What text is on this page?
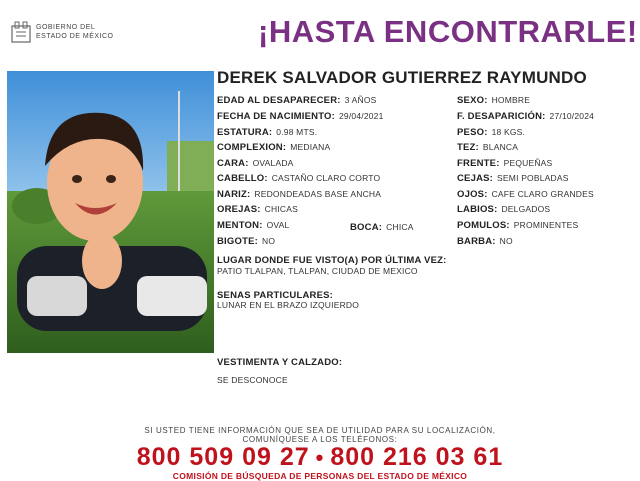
GOBIERNO DEL
ESTADO DE MÉXICO	¡HASTA ENCONTRARLE!
DEREK SALVADOR GUTIERREZ RAYMUNDO
EDAD AL DESAPARECER: 3 AÑOS
FECHA DE NACIMIENTO: 29/04/2021
ESTATURA: 0.98 MTS.
COMPLEXION: MEDIANA
CARA: OVALADA
CABELLO: CASTAÑO CLARO CORTO
NARIZ: REDONDEADAS BASE ANCHA
OREJAS: CHICAS
MENTON: OVAL	BOCA: CHICA
BIGOTE: NO
SEXO: HOMBRE
F. DESAPARICIÓN: 27/10/2024
PESO: 18 KGS.
TEZ: BLANCA
FRENTE: PEQUEÑAS
CEJAS: SEMI POBLADAS
OJOS: CAFE CLARO GRANDES
LABIOS: DELGADOS
POMULOS: PROMINENTES
BARBA: NO
LUGAR DONDE FUE VISTO(A) POR ÚLTIMA VEZ:
PATIO TLALPAN, TLALPAN, CIUDAD DE MEXICO
SENAS PARTICULARES:
LUNAR EN EL BRAZO IZQUIERDO
VESTIMENTA Y CALZADO:
SE DESCONOCE
SI USTED TIENE INFORMACIÓN QUE SEA DE UTILIDAD PARA SU LOCALIZACIÓN,
COMUNÍQUESE A LOS TELÉFONOS:
800 509 09 27 • 800 216 03 61
COMISIÓN DE BÚSQUEDA DE PERSONAS DEL ESTADO DE MÉXICO
